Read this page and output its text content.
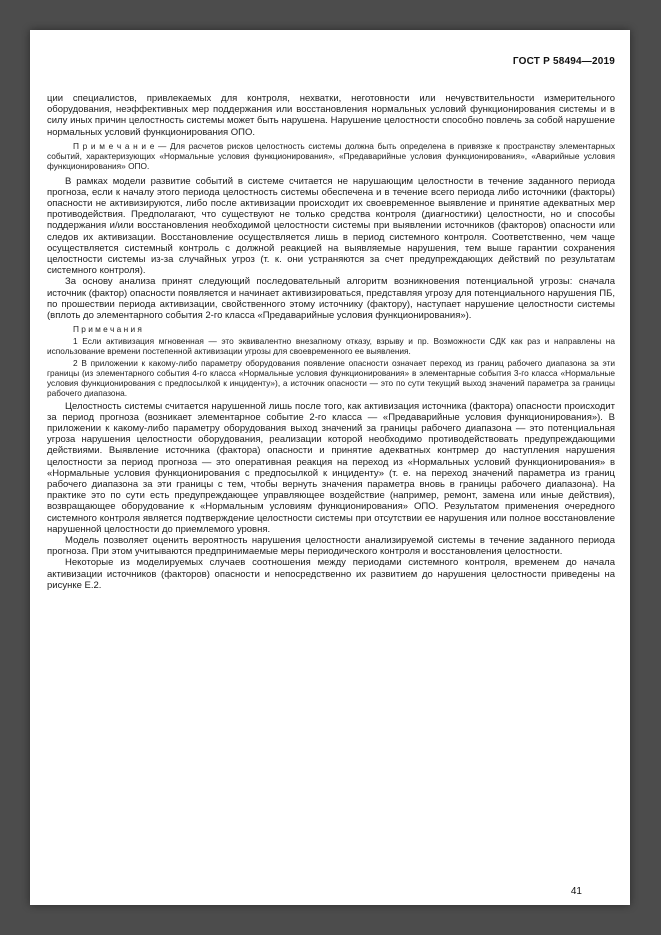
ГОСТ Р 58494—2019

ции специалистов, привлекаемых для контроля, нехватки, неготовности или нечувствительности измерительного оборудования, неэффективных мер поддержания или восстановления нормальных условий функционирования системы и в силу иных причин целостность системы может быть нарушена. Нарушение целостности способно повлечь за собой нарушение нормальных условий функционирования ОПО.

П р и м е ч а н и е — Для расчетов рисков целостность системы должна быть определена в привязке к пространству элементарных событий, характеризующих «Нормальные условия функционирования», «Предаварийные условия функционирования», «Аварийные условия функционирования» ОПО.

В рамках модели развитие событий в системе считается не нарушающим целостности в течение заданного периода прогноза, если к началу этого периода целостность системы обеспечена и в течение всего периода либо источники (факторы) опасности не активизируются, либо после активизации происходит их своевременное выявление и принятие адекватных мер противодействия. Предполагают, что существуют не только средства контроля (диагностики) целостности, но и способы поддержания и/или восстановления необходимой целостности системы при выявлении источников (факторов) опасности или следов их активизации. Восстановление осуществляется лишь в период системного контроля. Соответственно, чем чаще осуществляется системный контроль с должной реакцией на выявляемые нарушения, тем выше гарантии сохранения целостности системы из-за случайных угроз (т. к. они устраняются за счет предупреждающих действий по результатам системного контроля).

За основу анализа принят следующий последовательный алгоритм возникновения потенциальной угрозы: сначала источник (фактор) опасности появляется и начинает активизироваться, представляя угрозу для потенциального нарушения ПБ, по прошествии периода активизации, свойственного этому источнику (фактору), наступает нарушение целостности системы (вплоть до элементарного события 2-го класса «Предаварийные условия функционирования»).

П р и м е ч а н и я

1 Если активизация мгновенная — это эквивалентно внезапному отказу, взрыву и пр. Возможности СДК как раз и направлены на использование времени постепенной активизации угрозы для своевременного ее выявления.

2 В приложении к какому-либо параметру оборудования появление опасности означает переход из границ рабочего диапазона за эти границы (из элементарного события 4-го класса «Нормальные условия функционирования» в элементарные события 3-го класса «Нормальные условия функционирования с предпосылкой к инциденту»), а источник опасности — это по сути текущий выход значений параметра за границы рабочего диапазона.

Целостность системы считается нарушенной лишь после того, как активизация источника (фактора) опасности происходит за период прогноза (возникает элементарное событие 2-го класса — «Предаварийные условия функционирования»). В приложении к какому-либо параметру оборудования выход значений за границы рабочего диапазона — это потенциальная угроза нарушения целостности оборудования, реализации которой необходимо противодействовать предупреждающими действиями. Выявление источника (фактора) опасности и принятие адекватных контрмер до наступления нарушения целостности за период прогноза — это оперативная реакция на переход из «Нормальных условий функционирования» в «Нормальные условия функционирования с предпосылкой к инциденту» (т. е. на переход значений параметра из границ рабочего диапазона за эти границы с тем, чтобы вернуть значения параметра вновь в границы рабочего диапазона). На практике это по сути есть предупреждающее управляющее воздействие (например, ремонт, замена или иные действия), возвращающее оборудование к «Нормальным условиям функционирования» ОПО. Результатом применения очередного системного контроля является подтверждение целостности системы при отсутствии ее нарушения или полное восстановление нарушенной целостности до приемлемого уровня.

Модель позволяет оценить вероятность нарушения целостности анализируемой системы в течение заданного периода прогноза. При этом учитываются предпринимаемые меры периодического контроля и восстановления целостности.

Некоторые из моделируемых случаев соотношения между периодами системного контроля, временем до начала активизации источников (факторов) опасности и непосредственно их развитием до нарушения целостности приведены на рисунке Е.2.

41
